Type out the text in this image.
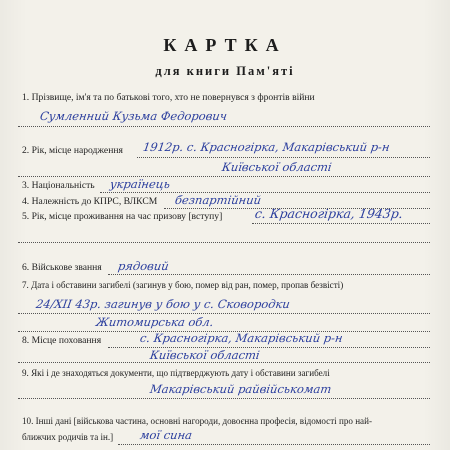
КАРТКА
для книги Пам'яті
1. Прізвище, ім'я та по батькові того, хто не повернувся з фронтів війни
Сумленний Кузьма Федорович
2. Рік, місце народження 1912р. с. Красногірка, Макарівський р-н
Київської області
3. Національність українець
4. Належність до КПРС, ВЛКСМ безпартійний
5. Рік, місце проживання на час призову [вступу]	с. Красногірка, 1943р.
6. Військове звання рядовий
7. Дата і обставини загибелі (загинув у бою, помер від ран, помер, пропав безвісті)
24/XII 43р. загинув у бою у с. Сковородки
Житомирська обл.
8. Місце поховання	с. Красногірка, Макарівський р-н
Київської області
9. Які і де знаходяться документи, що підтверджують дату і обставини загибелі
Макарівський райвійськомат
10. Інші дані [військова частина, основні нагороди, довоєнна професія, відомості про най-
ближчих родичів та ін.] мої сина
